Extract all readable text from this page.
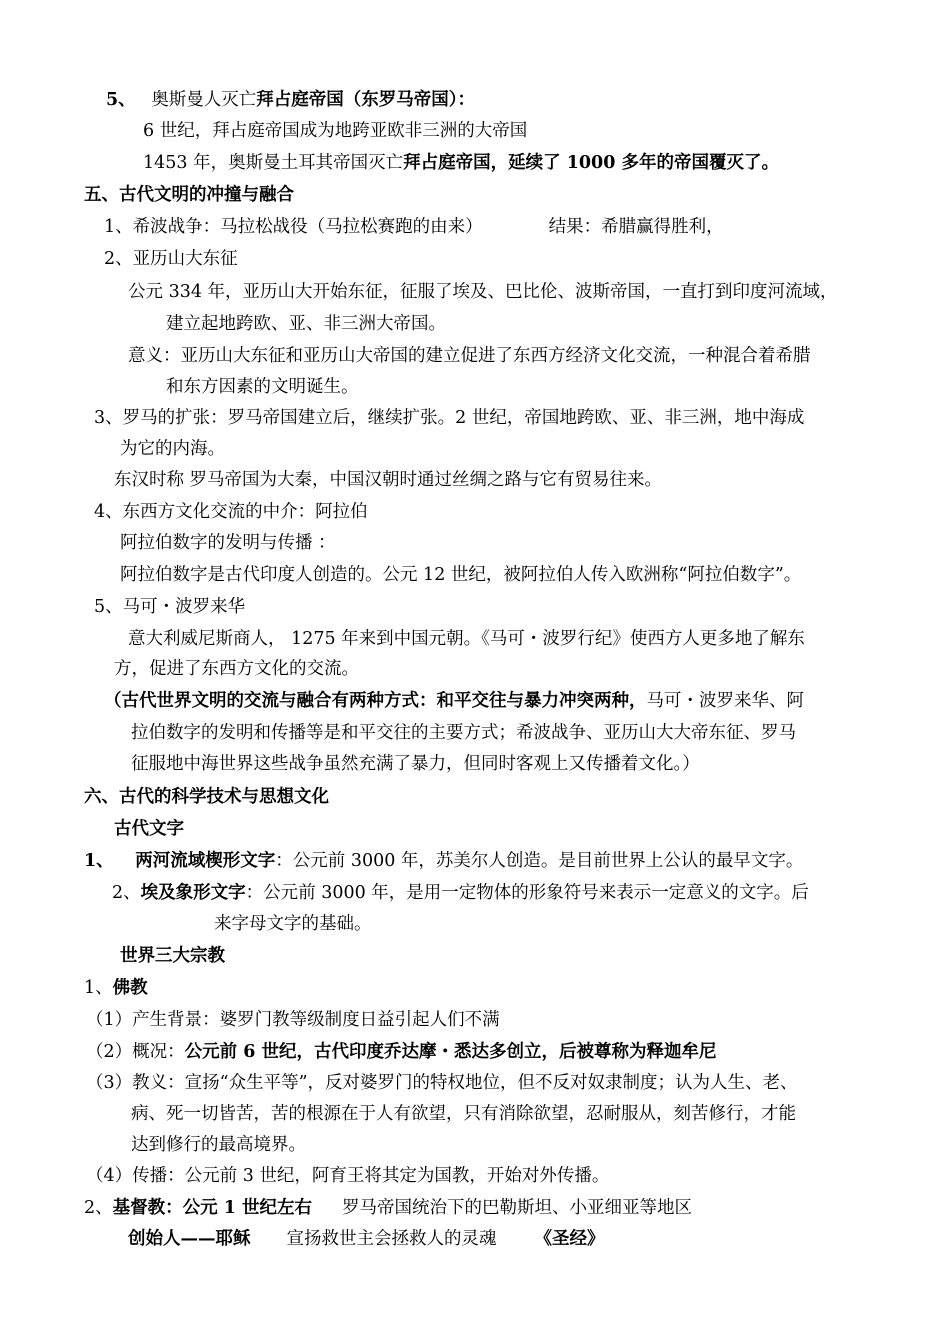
5、 奥斯曼人灭亡拜占庭帝国（东罗马帝国）：
6 世纪，拜占庭帝国成为地跨亚欧非三洲的大帝国
1453 年，奥斯曼土耳其帝国灭亡拜占庭帝国，延续了 1000 多年的帝国覆灭了。
五、古代文明的冲撞与融合
1、希波战争：马拉松战役（马拉松赛跑的由来）	结果：希腊赢得胜利，
2、亚历山大东征
公元 334 年，亚历山大开始东征，征服了埃及、巴比伦、波斯帝国，一直打到印度河流域，
建立起地跨欧、亚、非三洲大帝国。
意义：亚历山大东征和亚历山大帝国的建立促进了东西方经济文化交流，一种混合着希腊
和东方因素的文明诞生。
3、罗马的扩张：罗马帝国建立后，继续扩张。2 世纪，帝国地跨欧、亚、非三洲，地中海成
为它的内海。
东汉时称 罗马帝国为大秦，中国汉朝时通过丝绸之路与它有贸易往来。
4、东西方文化交流的中介：阿拉伯
阿拉伯数字的发明与传播 ：
阿拉伯数字是古代印度人创造的。公元 12 世纪，被阿拉伯人传入欧洲称“阿拉伯数字”。
5、马可・波罗来华
意大利威尼斯商人， 1275 年来到中国元朝。《马可・波罗行纪》使西方人更多地了解东
方，促进了东西方文化的交流。
（古代世界文明的交流与融合有两种方式：和平交往与暴力冲突两种，马可・波罗来华、阿
拉伯数字的发明和传播等是和平交往的主要方式；希波战争、亚历山大大帝东征、罗马
征服地中海世界这些战争虽然充满了暴力，但同时客观上又传播着文化。）
六、古代的科学技术与思想文化
古代文字
1、 两河流域楔形文字：公元前 3000 年，苏美尔人创造。是目前世界上公认的最早文字。
2、埃及象形文字：公元前 3000 年，是用一定物体的形象符号来表示一定意义的文字。后
来字母文字的基础。
世界三大宗教
1、佛教
（1）产生背景：婆罗门教等级制度日益引起人们不满
（2）概况：公元前 6 世纪，古代印度乔达摩・悉达多创立，后被尊称为释迦牟尼
（3）教义：宣扬“众生平等”，反对婆罗门的特权地位，但不反对奴隶制度；认为人生、老、
病、死一切皆苦，苦的根源在于人有欲望，只有消除欲望，忍耐服从，刻苦修行，才能
达到修行的最高境界。
（4）传播：公元前 3 世纪，阿育王将其定为国教，开始对外传播。
2、基督教：公元 1 世纪左右 罗马帝国统治下的巴勒斯坦、小亚细亚等地区
创始人——耶稣 宣扬救世主会拯救人的灵魂 《圣经》
